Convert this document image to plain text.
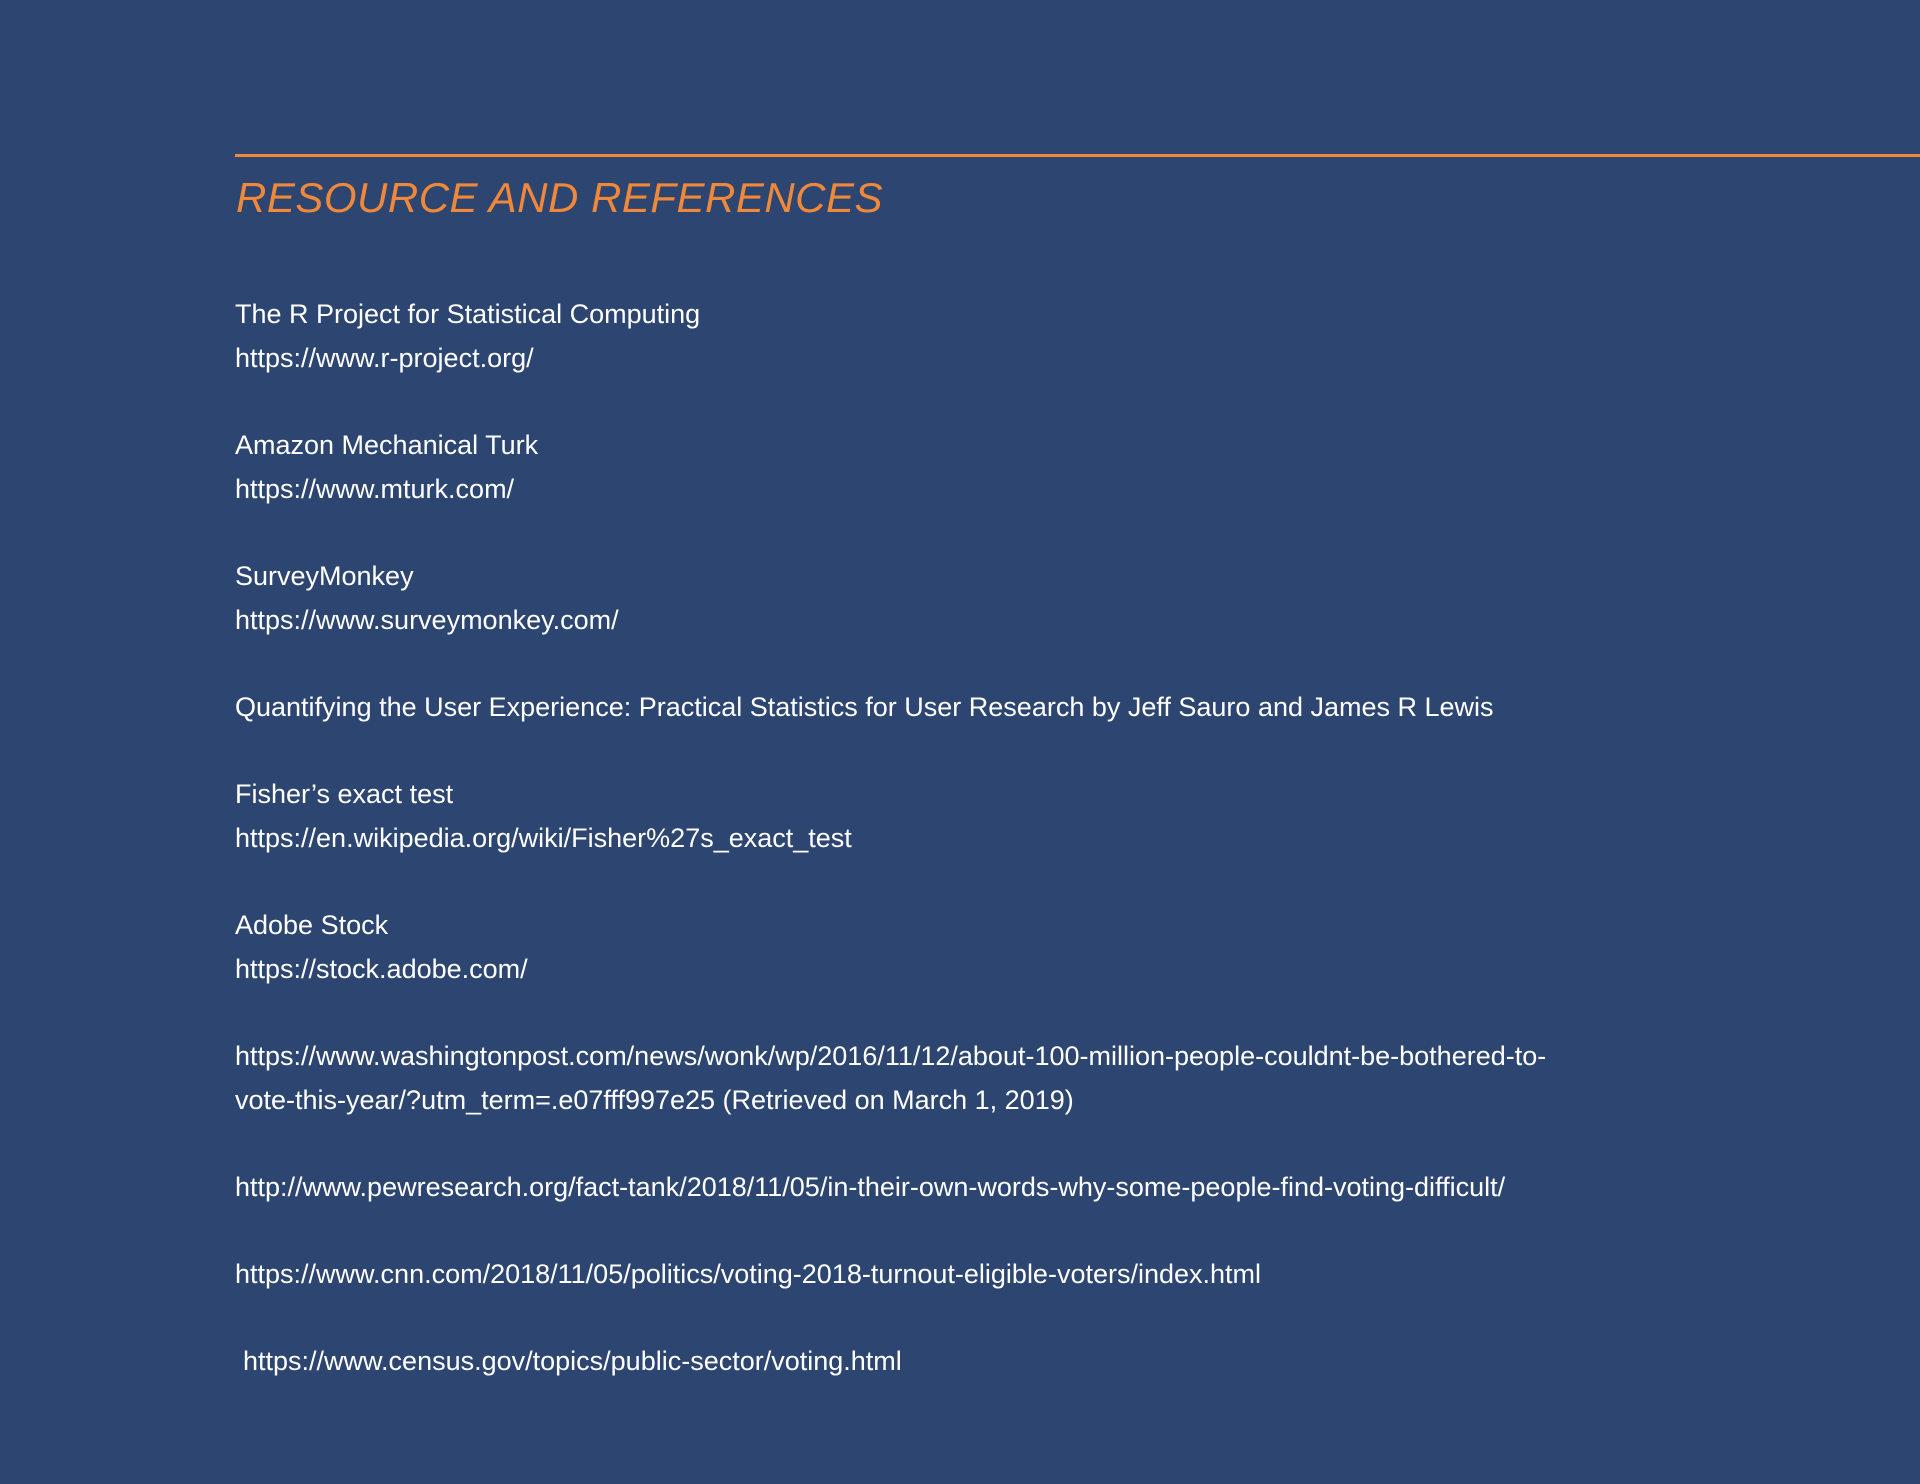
RESOURCE AND REFERENCES
The R Project for Statistical Computing
https://www.r-project.org/
Amazon Mechanical Turk
https://www.mturk.com/
SurveyMonkey
https://www.surveymonkey.com/
Quantifying the User Experience: Practical Statistics for User Research by Jeff Sauro and James R Lewis
Fisher’s exact test
https://en.wikipedia.org/wiki/Fisher%27s_exact_test
Adobe Stock
https://stock.adobe.com/
https://www.washingtonpost.com/news/wonk/wp/2016/11/12/about-100-million-people-couldnt-be-bothered-to-
vote-this-year/?utm_term=.e07fff997e25 (Retrieved on March 1, 2019)
http://www.pewresearch.org/fact-tank/2018/11/05/in-their-own-words-why-some-people-find-voting-difficult/
https://www.cnn.com/2018/11/05/politics/voting-2018-turnout-eligible-voters/index.html
https://www.census.gov/topics/public-sector/voting.html
